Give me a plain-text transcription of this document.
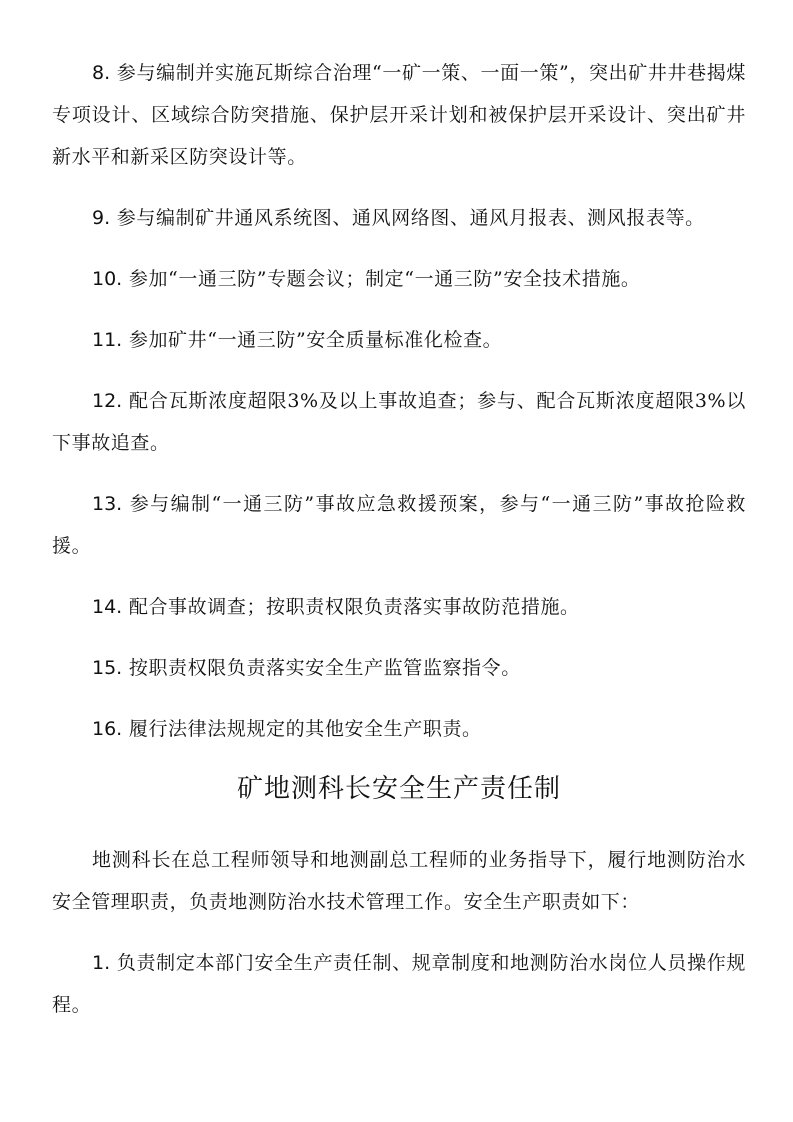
8. 参与编制并实施瓦斯综合治理“一矿一策、一面一策”，突出矿井井巷揭煤专项设计、区域综合防突措施、保护层开采计划和被保护层开采设计、突出矿井新水平和新采区防突设计等。

9. 参与编制矿井通风系统图、通风网络图、通风月报表、测风报表等。

10. 参加“一通三防”专题会议；制定“一通三防”安全技术措施。

11. 参加矿井“一通三防”安全质量标准化检查。

12. 配合瓦斯浓度超限3%及以上事故追查；参与、配合瓦斯浓度超限3%以下事故追查。

13. 参与编制“一通三防”事故应急救援预案，参与“一通三防”事故抢险救援。

14. 配合事故调查；按职责权限负责落实事故防范措施。

15. 按职责权限负责落实安全生产监管监察指令。

16. 履行法律法规规定的其他安全生产职责。

矿地测科长安全生产责任制

地测科长在总工程师领导和地测副总工程师的业务指导下，履行地测防治水安全管理职责，负责地测防治水技术管理工作。安全生产职责如下：

1. 负责制定本部门安全生产责任制、规章制度和地测防治水岗位人员操作规程。
